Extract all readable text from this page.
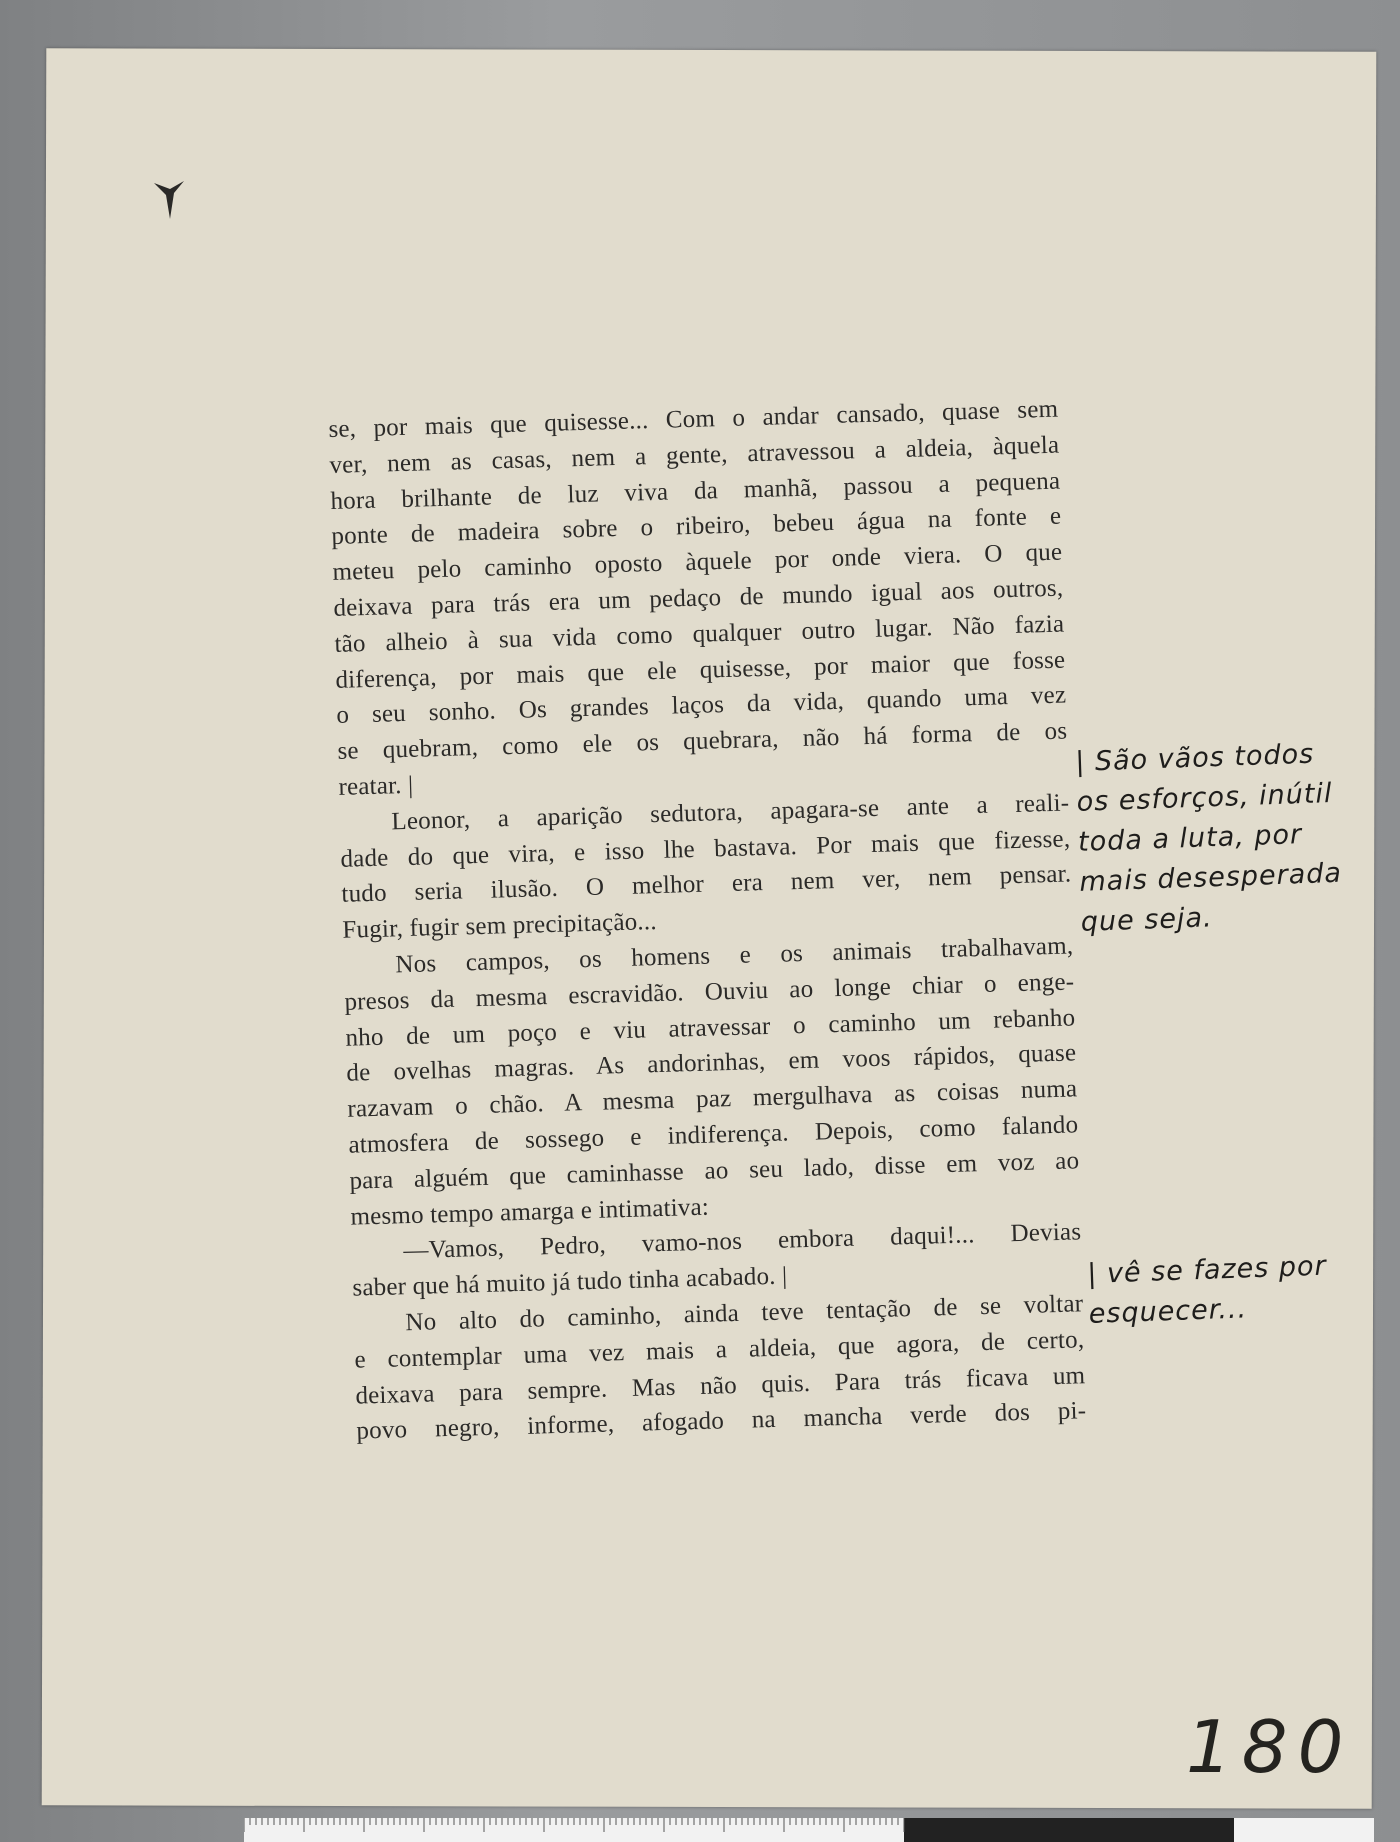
se, por mais que quisesse... Com o andar cansado, quase sem
ver, nem as casas, nem a gente, atravessou a aldeia, àquela
hora brilhante de luz viva da manhã, passou a pequena
ponte de madeira sobre o ribeiro, bebeu água na fonte e
meteu pelo caminho oposto àquele por onde viera. O que
deixava para trás era um pedaço de mundo igual aos outros,
tão alheio à sua vida como qualquer outro lugar. Não fazia
diferença, por mais que ele quisesse, por maior que fosse
o seu sonho. Os grandes laços da vida, quando uma vez
se quebram, como ele os quebrara, não há forma de os
reatar. |
Leonor, a aparição sedutora, apagara-se ante a reali-
dade do que vira, e isso lhe bastava. Por mais que fizesse,
tudo seria ilusão. O melhor era nem ver, nem pensar.
Fugir, fugir sem precipitação...
Nos campos, os homens e os animais trabalhavam,
presos da mesma escravidão. Ouviu ao longe chiar o enge-
nho de um poço e viu atravessar o caminho um rebanho
de ovelhas magras. As andorinhas, em voos rápidos, quase
razavam o chão. A mesma paz mergulhava as coisas numa
atmosfera de sossego e indiferença. Depois, como falando
para alguém que caminhasse ao seu lado, disse em voz ao
mesmo tempo amarga e intimativa:
—Vamos, Pedro, vamo-nos embora daqui!... Devias
saber que há muito já tudo tinha acabado. |
No alto do caminho, ainda teve tentação de se voltar
e contemplar uma vez mais a aldeia, que agora, de certo,
deixava para sempre. Mas não quis. Para trás ficava um
povo negro, informe, afogado na mancha verde dos pi-
| São vãos todos
os esforços, inútil
toda a luta, por
mais desesperada
que seja.
| vê se fazes por
esquecer...
180
